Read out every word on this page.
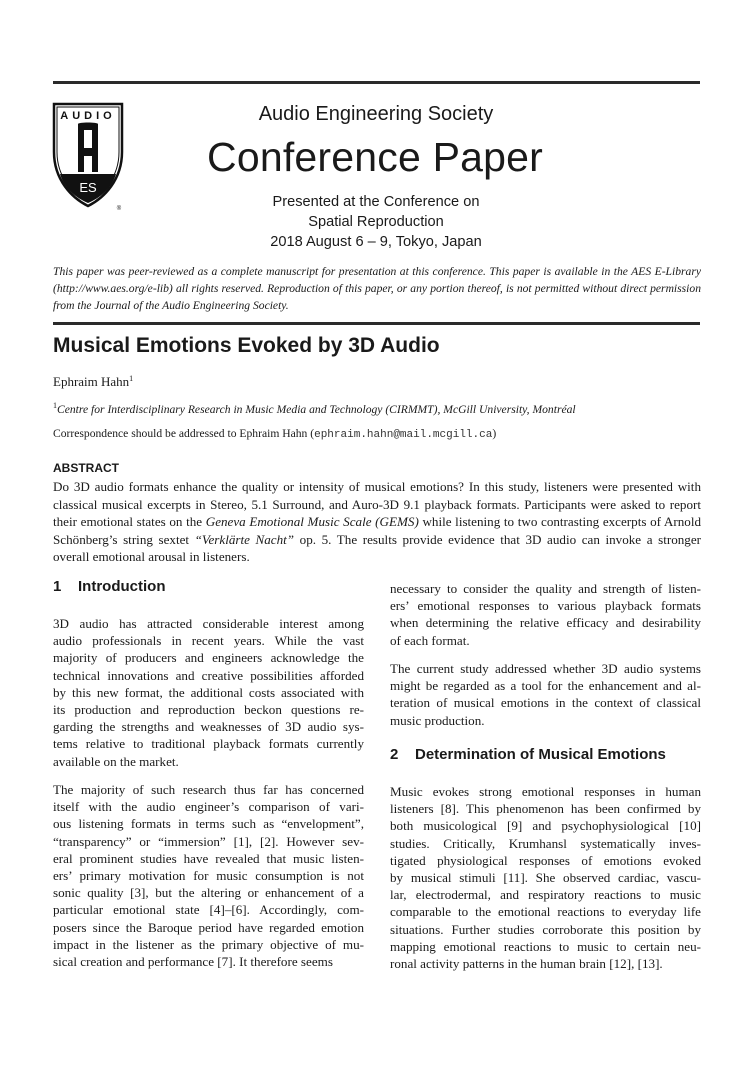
AUDIO
ES
®
Audio Engineering Society
Conference Paper
Presented at the Conference on
Spatial Reproduction
2018 August 6 – 9, Tokyo, Japan
This paper was peer-reviewed as a complete manuscript for presentation at this conference. This paper is available in the AES E-Library (http://www.aes.org/e-lib) all rights reserved. Reproduction of this paper, or any portion thereof, is not permitted without direct permission from the Journal of the Audio Engineering Society.
Musical Emotions Evoked by 3D Audio
Ephraim Hahn$^1$
$^1$Centre for Interdisciplinary Research in Music Media and Technology (CIRMMT), McGill University, Montréal
Correspondence should be addressed to Ephraim Hahn (ephraim.hahn@mail.mcgill.ca)
ABSTRACT
Do 3D audio formats enhance the quality or intensity of musical emotions? In this study, listeners were presented with classical musical excerpts in Stereo, 5.1 Surround, and Auro-3D 9.1 playback formats. Participants were asked to report their emotional states on the Geneva Emotional Music Scale (GEMS) while listening to two contrasting excerpts of Arnold Schönberg’s string sextet “Verklärte Nacht” op. 5. The results provide evidence that 3D audio can invoke a stronger overall emotional arousal in listeners.
1 Introduction
3D audio has attracted considerable interest among
audio professionals in recent years. While the vast
majority of producers and engineers acknowledge the
technical innovations and creative possibilities afforded
by this new format, the additional costs associated with
its production and reproduction beckon questions re-
garding the strengths and weaknesses of 3D audio sys-
tems relative to traditional playback formats currently
available on the market.
The majority of such research thus far has concerned
itself with the audio engineer’s comparison of vari-
ous listening formats in terms such as “envelopment”,
“transparency” or “immersion” [1], [2]. However sev-
eral prominent studies have revealed that music listen-
ers’ primary motivation for music consumption is not
sonic quality [3], but the altering or enhancement of a
particular emotional state [4]–[6]. Accordingly, com-
posers since the Baroque period have regarded emotion
impact in the listener as the primary objective of mu-
sical creation and performance [7]. It therefore seems
necessary to consider the quality and strength of listen-
ers’ emotional responses to various playback formats
when determining the relative efficacy and desirability
of each format.
The current study addressed whether 3D audio systems
might be regarded as a tool for the enhancement and al-
teration of musical emotions in the context of classical
music production.
2 Determination of Musical Emotions
Music evokes strong emotional responses in human
listeners [8]. This phenomenon has been confirmed by
both musicological [9] and psychophysiological [10]
studies. Critically, Krumhansl systematically inves-
tigated physiological responses of emotions evoked
by musical stimuli [11]. She observed cardiac, vascu-
lar, electrodermal, and respiratory reactions to music
comparable to the emotional reactions to everyday life
situations. Further studies corroborate this position by
mapping emotional reactions to music to certain neu-
ronal activity patterns in the human brain [12], [13].
